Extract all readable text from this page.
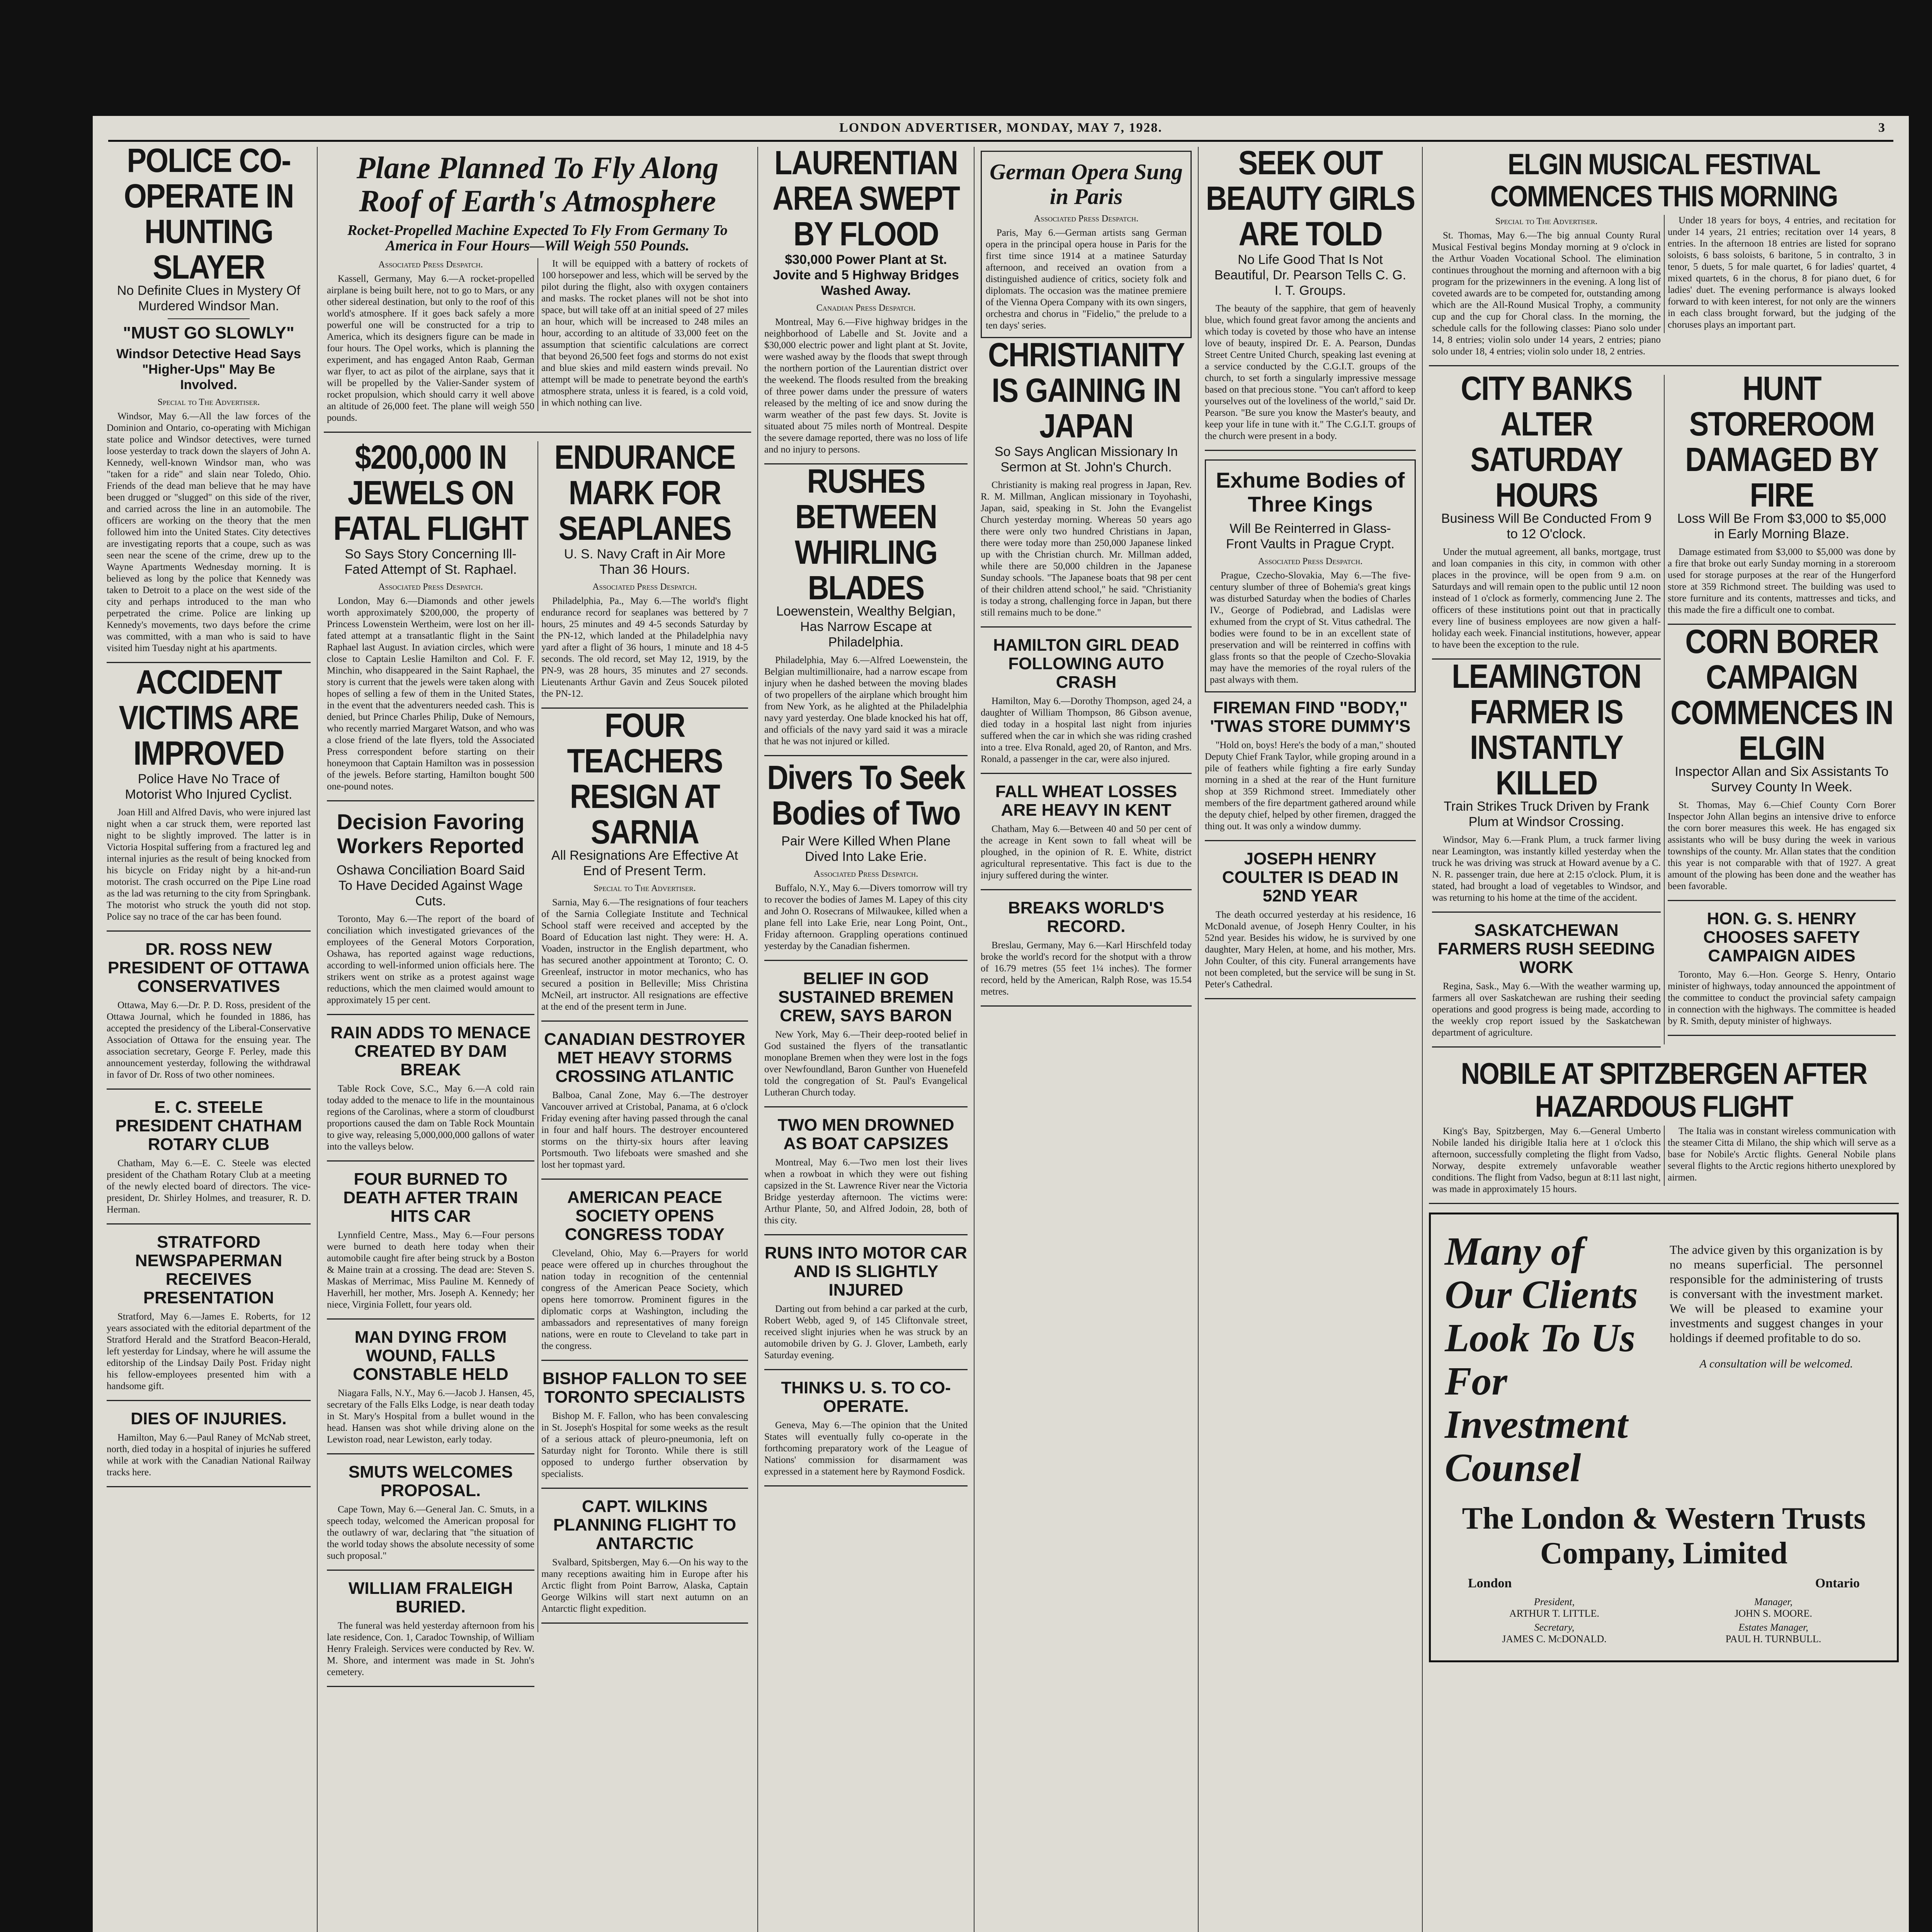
LONDON ADVERTISER, MONDAY, MAY 7, 1928.	3
POLICE CO-OPERATE IN HUNTING SLAYER
No Definite Clues in Mystery Of Murdered Windsor Man.
"MUST GO SLOWLY"
Windsor Detective Head Says "Higher-Ups" May Be Involved.
Special to The Advertiser.

Windsor, May 6.—All the law forces of the Dominion and Ontario, co-operating with Michigan state police and Windsor detectives, were turned loose yesterday to track down the slayers of John A. Kennedy, well-known Windsor man, who was "taken for a ride" and slain near Toledo, Ohio. Friends of the dead man believe that he may have been drugged or "slugged" on this side of the river, and carried across the line in an automobile. The officers are working on the theory that the men followed him into the United States. City detectives are investigating reports that a coupe, such as was seen near the scene of the crime, drew up to the Wayne Apartments Wednesday morning. It is believed as long by the police that Kennedy was taken to Detroit to a place on the west side of the city and perhaps introduced to the man who perpetrated the crime. Police are linking up Kennedy's movements, two days before the crime was committed, with a man who is said to have visited him Tuesday night at his apartments.

ACCIDENT VICTIMS ARE IMPROVED
Police Have No Trace of Motorist Who Injured Cyclist.

Joan Hill and Alfred Davis, who were injured last night when a car struck them, were reported last night to be slightly improved. The latter is in Victoria Hospital suffering from a fractured leg and internal injuries as the result of being knocked from his bicycle on Friday night by a hit-and-run motorist. The crash occurred on the Pipe Line road as the lad was returning to the city from Springbank. The motorist who struck the youth did not stop. Police say no trace of the car has been found.

DR. ROSS NEW PRESIDENT OF OTTAWA CONSERVATIVES

Ottawa, May 6.—Dr. P. D. Ross, president of the Ottawa Journal, which he founded in 1886, has accepted the presidency of the Liberal-Conservative Association of Ottawa for the ensuing year. The association secretary, George F. Perley, made this announcement yesterday, following the withdrawal in favor of Dr. Ross of two other nominees.

E. C. STEELE PRESIDENT CHATHAM ROTARY CLUB

Chatham, May 6.—E. C. Steele was elected president of the Chatham Rotary Club at a meeting of the newly elected board of directors. The vice-president, Dr. Shirley Holmes, and treasurer, R. D. Herman.

STRATFORD NEWSPAPERMAN RECEIVES PRESENTATION

Stratford, May 6.—James E. Roberts, for 12 years associated with the editorial department of the Stratford Herald and the Stratford Beacon-Herald, left yesterday for Lindsay, where he will assume the editorship of the Lindsay Daily Post. Friday night his fellow-employees presented him with a handsome gift.

DIES OF INJURIES.

Hamilton, May 6.—Paul Raney of McNab street, north, died today in a hospital of injuries he suffered while at work with the Canadian National Railway tracks here.

Plane Planned To Fly Along Roof of Earth's Atmosphere
Rocket-Propelled Machine Expected To Fly From Germany To America in Four Hours—Will Weigh 550 Pounds.
Associated Press Despatch.

Kassell, Germany, May 6.—A rocket-propelled airplane is being built here, not to go to Mars, or any other sidereal destination, but only to the roof of this world's atmosphere. If it goes back safely a more powerful one will be constructed for a trip to America, which its designers figure can be made in four hours. The Opel works, which is planning the experiment, and has engaged Anton Raab, German war flyer, to act as pilot of the airplane, says that it will be propelled by the Valier-Sander system of rocket propulsion, which should carry it well above an altitude of 26,000 feet. The plane will weigh 550 pounds.

It will be equipped with a battery of rockets of 100 horsepower and less, which will be served by the pilot during the flight, also with oxygen containers and masks. The rocket planes will not be shot into space, but will take off at an initial speed of 27 miles an hour, which will be increased to 248 miles an hour, according to an altitude of 33,000 feet on the assumption that scientific calculations are correct that beyond 26,500 feet fogs and storms do not exist and blue skies and mild eastern winds prevail. No attempt will be made to penetrate beyond the earth's atmosphere strata, unless it is feared, is a cold void, in which nothing can live.

$200,000 IN JEWELS ON FATAL FLIGHT
So Says Story Concerning Ill-Fated Attempt of St. Raphael.
Associated Press Despatch.

London, May 6.—Diamonds and other jewels worth approximately $200,000, the property of Princess Lowenstein Wertheim, were lost on her ill-fated attempt at a transatlantic flight in the Saint Raphael last August. In aviation circles, which were close to Captain Leslie Hamilton and Col. F. F. Minchin, who disappeared in the Saint Raphael, the story is current that the jewels were taken along with hopes of selling a few of them in the United States, in the event that the adventurers needed cash. This is denied, but Prince Charles Philip, Duke of Nemours, who recently married Margaret Watson, and who was a close friend of the late flyers, told the Associated Press correspondent before starting on their honeymoon that Captain Hamilton was in possession of the jewels. Before starting, Hamilton bought 500 one-pound notes.

Decision Favoring Workers Reported
Oshawa Conciliation Board Said To Have Decided Against Wage Cuts.

Toronto, May 6.—The report of the board of conciliation which investigated grievances of the employees of the General Motors Corporation, Oshawa, has reported against wage reductions, according to well-informed union officials here. The strikers went on strike as a protest against wage reductions, which the men claimed would amount to approximately 15 per cent.

RAIN ADDS TO MENACE CREATED BY DAM BREAK

Table Rock Cove, S.C., May 6.—A cold rain today added to the menace to life in the mountainous regions of the Carolinas, where a storm of cloudburst proportions caused the dam on Table Rock Mountain to give way, releasing 5,000,000,000 gallons of water into the valleys below.

FOUR BURNED TO DEATH AFTER TRAIN HITS CAR

Lynnfield Centre, Mass., May 6.—Four persons were burned to death here today when their automobile caught fire after being struck by a Boston & Maine train at a crossing. The dead are: Steven S. Maskas of Merrimac, Miss Pauline M. Kennedy of Haverhill, her mother, Mrs. Joseph A. Kennedy; her niece, Virginia Follett, four years old.

MAN DYING FROM WOUND, FALLS CONSTABLE HELD

Niagara Falls, N.Y., May 6.—Jacob J. Hansen, 45, secretary of the Falls Elks Lodge, is near death today in St. Mary's Hospital from a bullet wound in the head. Hansen was shot while driving alone on the Lewiston road, near Lewiston, early today.

SMUTS WELCOMES PROPOSAL.

Cape Town, May 6.—General Jan. C. Smuts, in a speech today, welcomed the American proposal for the outlawry of war, declaring that "the situation of the world today shows the absolute necessity of some such proposal."

WILLIAM FRALEIGH BURIED.

The funeral was held yesterday afternoon from his late residence, Con. 1, Caradoc Township, of William Henry Fraleigh. Services were conducted by Rev. W. M. Shore, and interment was made in St. John's cemetery.

ENDURANCE MARK FOR SEAPLANES
U. S. Navy Craft in Air More Than 36 Hours.
Associated Press Despatch.

Philadelphia, Pa., May 6.—The world's flight endurance record for seaplanes was bettered by 7 hours, 25 minutes and 49 4-5 seconds Saturday by the PN-12, which landed at the Philadelphia navy yard after a flight of 36 hours, 1 minute and 18 4-5 seconds. The old record, set May 12, 1919, by the PN-9, was 28 hours, 35 minutes and 27 seconds. Lieutenants Arthur Gavin and Zeus Soucek piloted the PN-12.

FOUR TEACHERS RESIGN AT SARNIA
All Resignations Are Effective At End of Present Term.
Special to The Advertiser.

Sarnia, May 6.—The resignations of four teachers of the Sarnia Collegiate Institute and Technical School staff were received and accepted by the Board of Education last night. They were: H. A. Voaden, instructor in the English department, who has secured another appointment at Toronto; C. O. Greenleaf, instructor in motor mechanics, who has secured a position in Belleville; Miss Christina McNeil, art instructor. All resignations are effective at the end of the present term in June.

CANADIAN DESTROYER MET HEAVY STORMS CROSSING ATLANTIC

Balboa, Canal Zone, May 6.—The destroyer Vancouver arrived at Cristobal, Panama, at 6 o'clock Friday evening after having passed through the canal in four and half hours. The destroyer encountered storms on the thirty-six hours after leaving Portsmouth. Two lifeboats were smashed and she lost her topmast yard.

AMERICAN PEACE SOCIETY OPENS CONGRESS TODAY

Cleveland, Ohio, May 6.—Prayers for world peace were offered up in churches throughout the nation today in recognition of the centennial congress of the American Peace Society, which opens here tomorrow. Prominent figures in the diplomatic corps at Washington, including the ambassadors and representatives of many foreign nations, were en route to Cleveland to take part in the congress.

BISHOP FALLON TO SEE TORONTO SPECIALISTS

Bishop M. F. Fallon, who has been convalescing in St. Joseph's Hospital for some weeks as the result of a serious attack of pleuro-pneumonia, left on Saturday night for Toronto. While there is still opposed to undergo further observation by specialists.

CAPT. WILKINS PLANNING FLIGHT TO ANTARCTIC

Svalbard, Spitsbergen, May 6.—On his way to the many receptions awaiting him in Europe after his Arctic flight from Point Barrow, Alaska, Captain George Wilkins will start next autumn on an Antarctic flight expedition.

LAURENTIAN AREA SWEPT BY FLOOD
$30,000 Power Plant at St. Jovite and 5 Highway Bridges Washed Away.
Canadian Press Despatch.

Montreal, May 6.—Five highway bridges in the neighborhood of Labelle and St. Jovite and a $30,000 electric power and light plant at St. Jovite, were washed away by the floods that swept through the northern portion of the Laurentian district over the weekend. The floods resulted from the breaking of three power dams under the pressure of waters released by the melting of ice and snow during the warm weather of the past few days. St. Jovite is situated about 75 miles north of Montreal. Despite the severe damage reported, there was no loss of life and no injury to persons.

RUSHES BETWEEN WHIRLING BLADES
Loewenstein, Wealthy Belgian, Has Narrow Escape at Philadelphia.

Philadelphia, May 6.—Alfred Loewenstein, the Belgian multimillionaire, had a narrow escape from injury when he dashed between the moving blades of two propellers of the airplane which brought him from New York, as he alighted at the Philadelphia navy yard yesterday. One blade knocked his hat off, and officials of the navy yard said it was a miracle that he was not injured or killed.

Divers To Seek Bodies of Two
Pair Were Killed When Plane Dived Into Lake Erie.
Associated Press Despatch.

Buffalo, N.Y., May 6.—Divers tomorrow will try to recover the bodies of James M. Lapey of this city and John O. Rosecrans of Milwaukee, killed when a plane fell into Lake Erie, near Long Point, Ont., Friday afternoon. Grappling operations continued yesterday by the Canadian fishermen.

BELIEF IN GOD SUSTAINED BREMEN CREW, SAYS BARON

New York, May 6.—Their deep-rooted belief in God sustained the flyers of the transatlantic monoplane Bremen when they were lost in the fogs over Newfoundland, Baron Gunther von Huenefeld told the congregation of St. Paul's Evangelical Lutheran Church today.

TWO MEN DROWNED AS BOAT CAPSIZES

Montreal, May 6.—Two men lost their lives when a rowboat in which they were out fishing capsized in the St. Lawrence River near the Victoria Bridge yesterday afternoon. The victims were: Arthur Plante, 50, and Alfred Jodoin, 28, both of this city.

RUNS INTO MOTOR CAR AND IS SLIGHTLY INJURED

Darting out from behind a car parked at the curb, Robert Webb, aged 9, of 145 Cliftonvale street, received slight injuries when he was struck by an automobile driven by G. J. Glover, Lambeth, early Saturday evening.

THINKS U. S. TO CO-OPERATE.

Geneva, May 6.—The opinion that the United States will eventually fully co-operate in the forthcoming preparatory work of the League of Nations' commission for disarmament was expressed in a statement here by Raymond Fosdick.

German Opera Sung in Paris
Associated Press Despatch.

Paris, May 6.—German artists sang German opera in the principal opera house in Paris for the first time since 1914 at a matinee Saturday afternoon, and received an ovation from a distinguished audience of critics, society folk and diplomats. The occasion was the matinee premiere of the Vienna Opera Company with its own singers, orchestra and chorus in "Fidelio," the prelude to a ten days' series.

CHRISTIANITY IS GAINING IN JAPAN
So Says Anglican Missionary In Sermon at St. John's Church.

Christianity is making real progress in Japan, Rev. R. M. Millman, Anglican missionary in Toyohashi, Japan, said, speaking in St. John the Evangelist Church yesterday morning. Whereas 50 years ago there were only two hundred Christians in Japan, there were today more than 250,000 Japanese linked up with the Christian church. Mr. Millman added, while there are 50,000 children in the Japanese Sunday schools. "The Japanese boats that 98 per cent of their children attend school," he said. "Christianity is today a strong, challenging force in Japan, but there still remains much to be done."

HAMILTON GIRL DEAD FOLLOWING AUTO CRASH

Hamilton, May 6.—Dorothy Thompson, aged 24, a daughter of William Thompson, 86 Gibson avenue, died today in a hospital last night from injuries suffered when the car in which she was riding crashed into a tree. Elva Ronald, aged 20, of Ranton, and Mrs. Ronald, a passenger in the car, were also injured.

FALL WHEAT LOSSES ARE HEAVY IN KENT

Chatham, May 6.—Between 40 and 50 per cent of the acreage in Kent sown to fall wheat will be ploughed, in the opinion of R. E. White, district agricultural representative. This fact is due to the injury suffered during the winter.

BREAKS WORLD'S RECORD.

Breslau, Germany, May 6.—Karl Hirschfeld today broke the world's record for the shotput with a throw of 16.79 metres (55 feet 1¼ inches). The former record, held by the American, Ralph Rose, was 15.54 metres.

SEEK OUT BEAUTY GIRLS ARE TOLD
No Life Good That Is Not Beautiful, Dr. Pearson Tells C. G. I. T. Groups.

The beauty of the sapphire, that gem of heavenly blue, which found great favor among the ancients and which today is coveted by those who have an intense love of beauty, inspired Dr. E. A. Pearson, Dundas Street Centre United Church, speaking last evening at a service conducted by the C.G.I.T. groups of the church, to set forth a singularly impressive message based on that precious stone. "You can't afford to keep yourselves out of the loveliness of the world," said Dr. Pearson. "Be sure you know the Master's beauty, and keep your life in tune with it." The C.G.I.T. groups of the church were present in a body.

Exhume Bodies of Three Kings
Will Be Reinterred in Glass-Front Vaults in Prague Crypt.
Associated Press Despatch.

Prague, Czecho-Slovakia, May 6.—The five-century slumber of three of Bohemia's great kings was disturbed Saturday when the bodies of Charles IV., George of Podiebrad, and Ladislas were exhumed from the crypt of St. Vitus cathedral. The bodies were found to be in an excellent state of preservation and will be reinterred in coffins with glass fronts so that the people of Czecho-Slovakia may have the memories of the royal rulers of the past always with them.

FIREMAN FIND "BODY," 'TWAS STORE DUMMY'S

"Hold on, boys! Here's the body of a man," shouted Deputy Chief Frank Taylor, while groping around in a pile of feathers while fighting a fire early Sunday morning in a shed at the rear of the Hunt furniture shop at 359 Richmond street. Immediately other members of the fire department gathered around while the deputy chief, helped by other firemen, dragged the thing out. It was only a window dummy.

JOSEPH HENRY COULTER IS DEAD IN 52ND YEAR

The death occurred yesterday at his residence, 16 McDonald avenue, of Joseph Henry Coulter, in his 52nd year. Besides his widow, he is survived by one daughter, Mary Helen, at home, and his mother, Mrs. John Coulter, of this city. Funeral arrangements have not been completed, but the service will be sung in St. Peter's Cathedral.

ELGIN MUSICAL FESTIVAL COMMENCES THIS MORNING
Special to The Advertiser.

St. Thomas, May 6.—The big annual County Rural Musical Festival begins Monday morning at 9 o'clock in the Arthur Voaden Vocational School. The elimination continues throughout the morning and afternoon with a big program for the prizewinners in the evening. A long list of coveted awards are to be competed for, outstanding among which are the All-Round Musical Trophy, a community cup and the cup for Choral class. In the morning, the schedule calls for the following classes: Piano solo under 14, 8 entries; violin solo under 14 years, 2 entries; piano solo under 18, 4 entries; violin solo under 18, 2 entries.

Under 18 years for boys, 4 entries, and recitation for under 14 years, 21 entries; recitation over 14 years, 8 entries. In the afternoon 18 entries are listed for soprano soloists, 6 bass soloists, 6 baritone, 5 in contralto, 3 in tenor, 5 duets, 5 for male quartet, 6 for ladies' quartet, 4 mixed quartets, 6 in the chorus, 8 for piano duet, 6 for ladies' duet. The evening performance is always looked forward to with keen interest, for not only are the winners in each class brought forward, but the judging of the choruses plays an important part.

CITY BANKS ALTER SATURDAY HOURS
Business Will Be Conducted From 9 to 12 O'clock.

Under the mutual agreement, all banks, mortgage, trust and loan companies in this city, in common with other places in the province, will be open from 9 a.m. on Saturdays and will remain open to the public until 12 noon instead of 1 o'clock as formerly, commencing June 2. The officers of these institutions point out that in practically every line of business employees are now given a half-holiday each week. Financial institutions, however, appear to have been the exception to the rule.

LEAMINGTON FARMER IS INSTANTLY KILLED
Train Strikes Truck Driven by Frank Plum at Windsor Crossing.

Windsor, May 6.—Frank Plum, a truck farmer living near Leamington, was instantly killed yesterday when the truck he was driving was struck at Howard avenue by a C. N. R. passenger train, due here at 2:15 o'clock. Plum, it is stated, had brought a load of vegetables to Windsor, and was returning to his home at the time of the accident.

SASKATCHEWAN FARMERS RUSH SEEDING WORK

Regina, Sask., May 6.—With the weather warming up, farmers all over Saskatchewan are rushing their seeding operations and good progress is being made, according to the weekly crop report issued by the Saskatchewan department of agriculture.

HUNT STOREROOM DAMAGED BY FIRE
Loss Will Be From $3,000 to $5,000 in Early Morning Blaze.

Damage estimated from $3,000 to $5,000 was done by a fire that broke out early Sunday morning in a storeroom used for storage purposes at the rear of the Hungerford store at 359 Richmond street. The building was used to store furniture and its contents, mattresses and ticks, and this made the fire a difficult one to combat.

CORN BORER CAMPAIGN COMMENCES IN ELGIN
Inspector Allan and Six Assistants To Survey County In Week.

St. Thomas, May 6.—Chief County Corn Borer Inspector John Allan begins an intensive drive to enforce the corn borer measures this week. He has engaged six assistants who will be busy during the week in various townships of the county. Mr. Allan states that the condition this year is not comparable with that of 1927. A great amount of the plowing has been done and the weather has been favorable.

HON. G. S. HENRY CHOOSES SAFETY CAMPAIGN AIDES

Toronto, May 6.—Hon. George S. Henry, Ontario minister of highways, today announced the appointment of the committee to conduct the provincial safety campaign in connection with the highways. The committee is headed by R. Smith, deputy minister of highways.

NOBILE AT SPITZBERGEN AFTER HAZARDOUS FLIGHT

King's Bay, Spitzbergen, May 6.—General Umberto Nobile landed his dirigible Italia here at 1 o'clock this afternoon, successfully completing the flight from Vadso, Norway, despite extremely unfavorable weather conditions. The flight from Vadso, begun at 8:11 last night, was made in approximately 15 hours.

The Italia was in constant wireless communication with the steamer Citta di Milano, the ship which will serve as a base for Nobile's Arctic flights. General Nobile plans several flights to the Arctic regions hitherto unexplored by airmen.

Many of Our Clients Look To Us For Investment Counsel

The advice given by this organization is by no means superficial. The personnel responsible for the administering of trusts is conversant with the investment market. We will be pleased to examine your investments and suggest changes in your holdings if deemed profitable to do so.

A consultation will be welcomed.
The London & Western Trusts Company, Limited
London	Ontario
President,
ARTHUR T. LITTLE.
Manager,
JOHN S. MOORE.
Secretary,
JAMES C. McDONALD.
Estates Manager,
PAUL H. TURNBULL.
